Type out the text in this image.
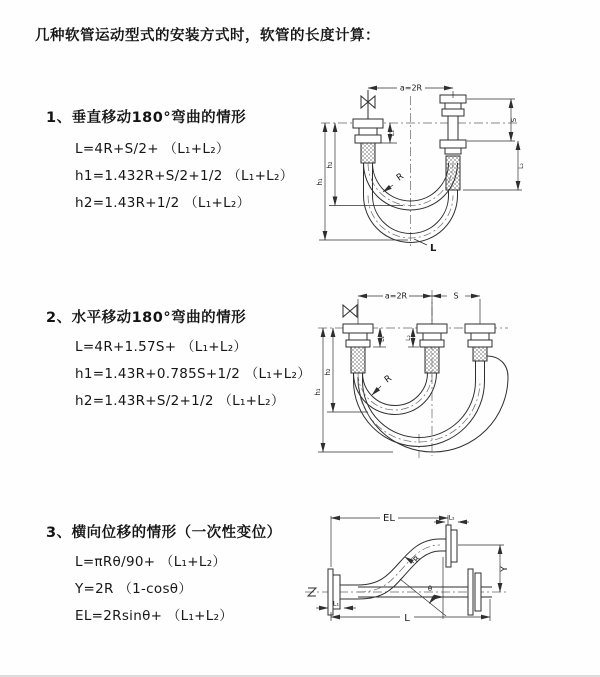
几种软管运动型式的安装方式时，软管的长度计算：
1、垂直移动180°弯曲的情形
L=4R+S/2+ （L₁+L₂）
h1=1.432R+S/2+1/2 （L₁+L₂）
h2=1.43R+1/2 （L₁+L₂）
2、水平移动180°弯曲的情形
L=4R+1.57S+ （L₁+L₂）
h1=1.43R+0.785S+1/2 （L₁+L₂）
h2=1.43R+S/2+1/2 （L₁+L₂）
3、横向位移的情形（一次性变位）
L=πRθ/90+ （L₁+L₂）
Y=2R （1-cosθ）
EL=2Rsinθ+ （L₁+L₂）
a=2R
L₁
S
L₂
h₁
h₂
R
L
a=2R	S
L₁	L₂
h₁
h₂
R
EL	L₂
Y
L
L₁
θ
R
